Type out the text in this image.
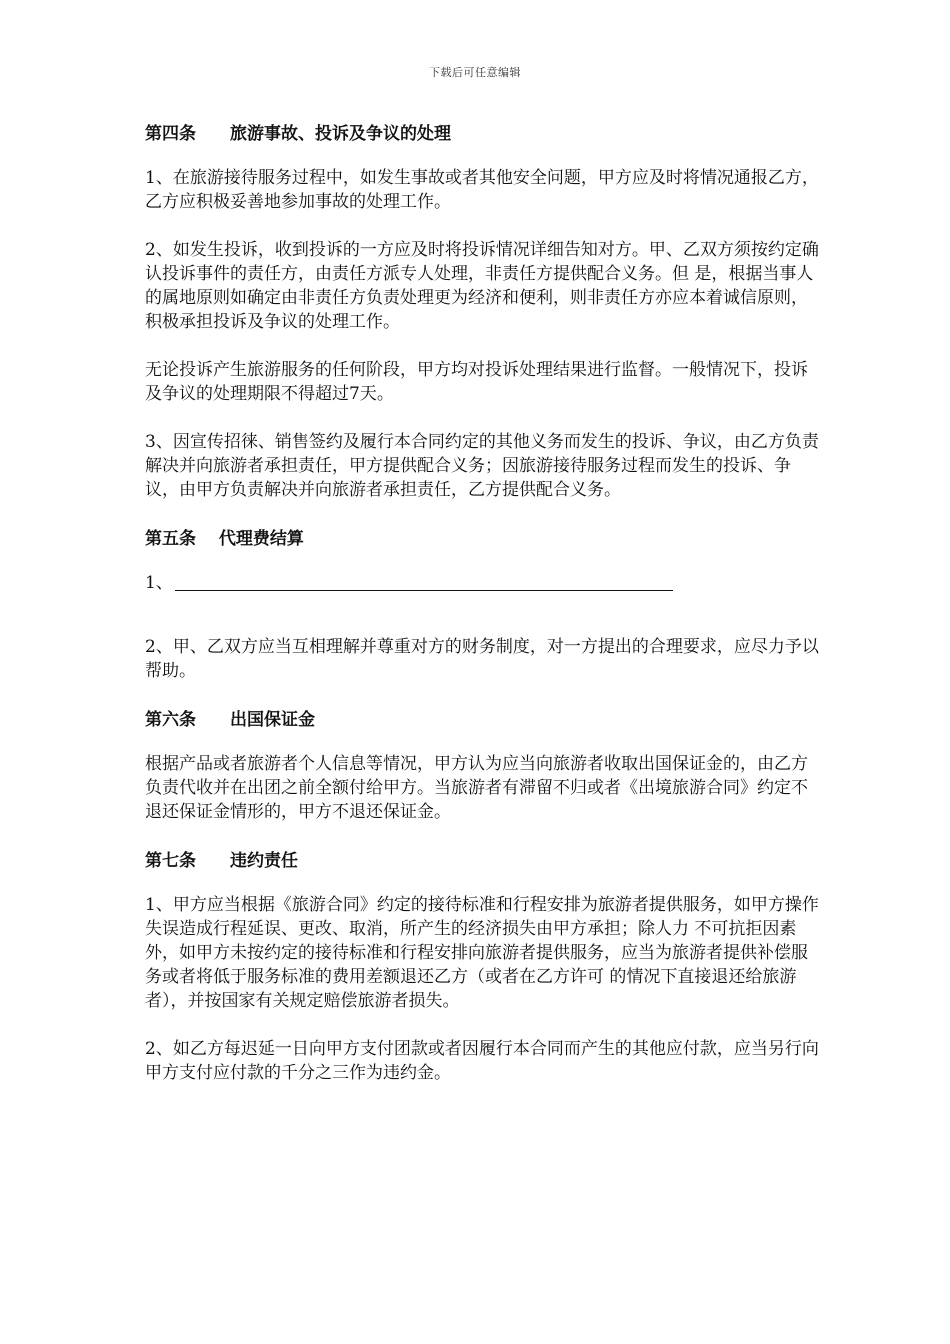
下载后可任意编辑
第四条　　旅游事故、投诉及争议的处理
1、在旅游接待服务过程中，如发生事故或者其他安全问题，甲方应及时将情况通报乙方，乙方应积极妥善地参加事故的处理工作。
2、如发生投诉，收到投诉的一方应及时将投诉情况详细告知对方。甲、乙双方须按约定确认投诉事件的责任方，由责任方派专人处理，非责任方提供配合义务。但 是，根据当事人的属地原则如确定由非责任方负责处理更为经济和便利，则非责任方亦应本着诚信原则，积极承担投诉及争议的处理工作。
无论投诉产生旅游服务的任何阶段，甲方均对投诉处理结果进行监督。一般情况下，投诉及争议的处理期限不得超过7天。
3、因宣传招徕、销售签约及履行本合同约定的其他义务而发生的投诉、争议，由乙方负责解决并向旅游者承担责任，甲方提供配合义务；因旅游接待服务过程而发生的投诉、争议，由甲方负责解决并向旅游者承担责任，乙方提供配合义务。
第五条　 代理费结算
1、
2、甲、乙双方应当互相理解并尊重对方的财务制度，对一方提出的合理要求，应尽力予以帮助。
第六条　　出国保证金
根据产品或者旅游者个人信息等情况，甲方认为应当向旅游者收取出国保证金的，由乙方负责代收并在出团之前全额付给甲方。当旅游者有滞留不归或者《出境旅游合同》约定不退还保证金情形的，甲方不退还保证金。
第七条　　违约责任
1、甲方应当根据《旅游合同》约定的接待标准和行程安排为旅游者提供服务，如甲方操作失误造成行程延误、更改、取消，所产生的经济损失由甲方承担；除人力 不可抗拒因素外，如甲方未按约定的接待标准和行程安排向旅游者提供服务，应当为旅游者提供补偿服务或者将低于服务标准的费用差额退还乙方（或者在乙方许可 的情况下直接退还给旅游者），并按国家有关规定赔偿旅游者损失。
2、如乙方每迟延一日向甲方支付团款或者因履行本合同而产生的其他应付款，应当另行向甲方支付应付款的千分之三作为违约金。
